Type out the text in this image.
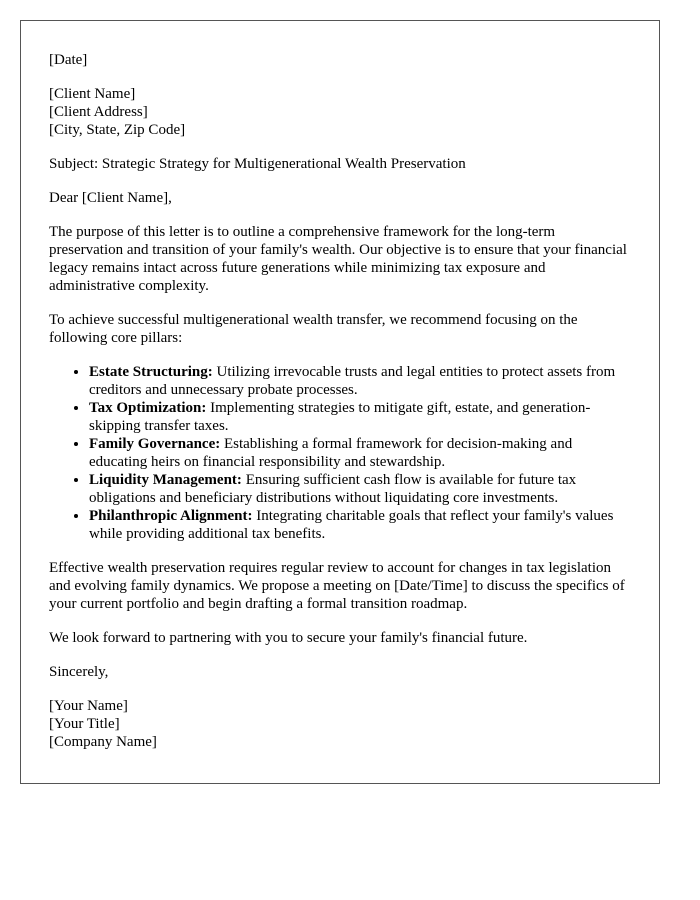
[Date]
[Client Name]
[Client Address]
[City, State, Zip Code]

Subject: Strategic Strategy for Multigenerational Wealth Preservation

Dear [Client Name],

The purpose of this letter is to outline a comprehensive framework for the long-term preservation and transition of your family's wealth. Our objective is to ensure that your financial legacy remains intact across future generations while minimizing tax exposure and administrative complexity.

To achieve successful multigenerational wealth transfer, we recommend focusing on the following core pillars:

• Estate Structuring: Utilizing irrevocable trusts and legal entities to protect assets from creditors and unnecessary probate processes.
• Tax Optimization: Implementing strategies to mitigate gift, estate, and generation-skipping transfer taxes.
• Family Governance: Establishing a formal framework for decision-making and educating heirs on financial responsibility and stewardship.
• Liquidity Management: Ensuring sufficient cash flow is available for future tax obligations and beneficiary distributions without liquidating core investments.
• Philanthropic Alignment: Integrating charitable goals that reflect your family's values while providing additional tax benefits.

Effective wealth preservation requires regular review to account for changes in tax legislation and evolving family dynamics. We propose a meeting on [Date/Time] to discuss the specifics of your current portfolio and begin drafting a formal transition roadmap.

We look forward to partnering with you to secure your family's financial future.

Sincerely,

[Your Name]
[Your Title]
[Company Name]
